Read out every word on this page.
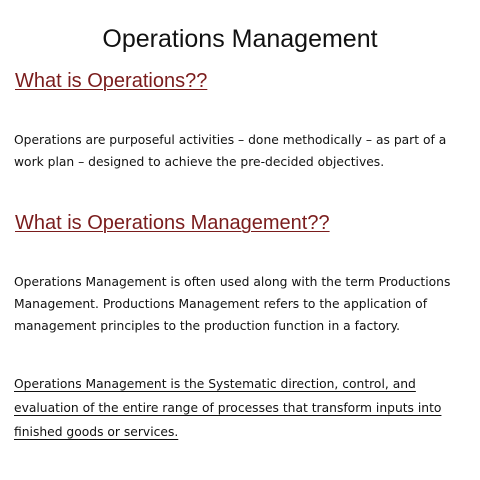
Operations Management
What is Operations??

Operations are purposeful activities – done methodically – as part of a work plan – designed to achieve the pre-decided objectives.

What is Operations Management??

Operations Management is often used along with the term Productions Management. Productions Management refers to the application of management principles to the production function in a factory.

Operations Management is the Systematic direction, control, and evaluation of the entire range of processes that transform inputs into finished goods or services.
